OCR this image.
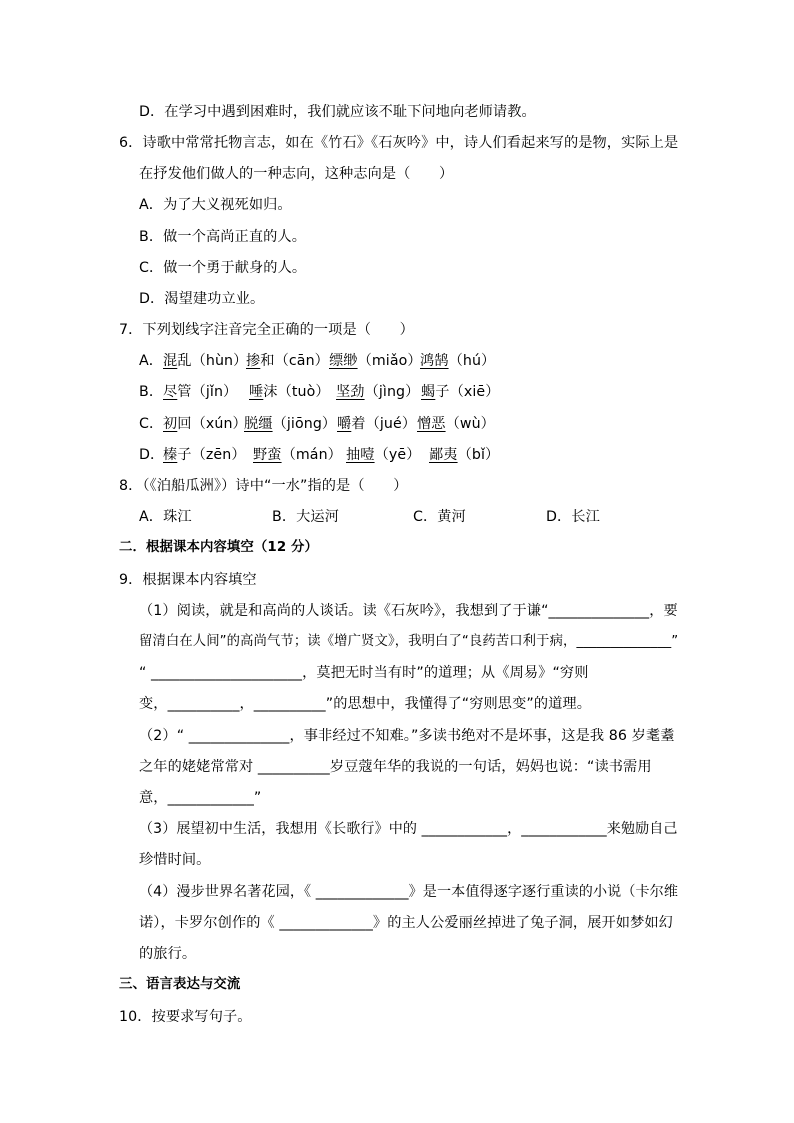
D．在学习中遇到困难时，我们就应该不耻下问地向老师请教。
6．诗歌中常常托物言志，如在《竹石》《石灰吟》中，诗人们看起来写的是物，实际上是
在抒发他们做人的一种志向，这种志向是（　　）
A．为了大义视死如归。
B．做一个高尚正直的人。
C．做一个勇于献身的人。
D．渴望建功立业。
7．下列划线字注音完全正确的一项是（　　）
A． 混乱（hùn）
掺和（cān） 缥缈（miǎo）
鸿鹄（hú）
B． 尽管（jǐn） 唾沫（tuò） 坚劲（jìng） 蝎子（xiē）
C． 初回（xún）
脱缰（jiōng） 嚼着（jué） 憎恶（wù）
D．
榛子（zēn） 野蛮（mán） 抽噎（yē） 鄙夷（bǐ）
8．（《泊船瓜洲》）诗中“一水”指的是（　　）
A．珠江	B．大运河	C．黄河	D．长江
二．根据课本内容填空（12 分）
9．根据课本内容填空
（1）阅读，就是和高尚的人谈话。读《石灰吟》，我想到了于谦“______________，要
留清白在人间”的高尚气节；读《增广贤文》，我明白了“良药苦口利于病，______________”
“ _____________________，莫把无时当有时”的道理；从《周易》“穷则
变，__________，__________”的思想中，我懂得了“穷则思变”的道理。
（2）“ ______________，事非经过不知难。”多读书绝对不是坏事，这是我 86 岁耄耋
之年的姥姥常常对 __________岁豆蔻年华的我说的一句话，妈妈也说：“读书需用
意，____________”
（3）展望初中生活，我想用《长歌行》中的 ____________，____________来勉励自己
珍惜时间。
（4）漫步世界名著花园，《 _____________》是一本值得逐字逐行重读的小说（卡尔维
诺），卡罗尔创作的《 _____________》的主人公爱丽丝掉进了兔子洞，展开如梦如幻
的旅行。
三、语言表达与交流
10．按要求写句子。
